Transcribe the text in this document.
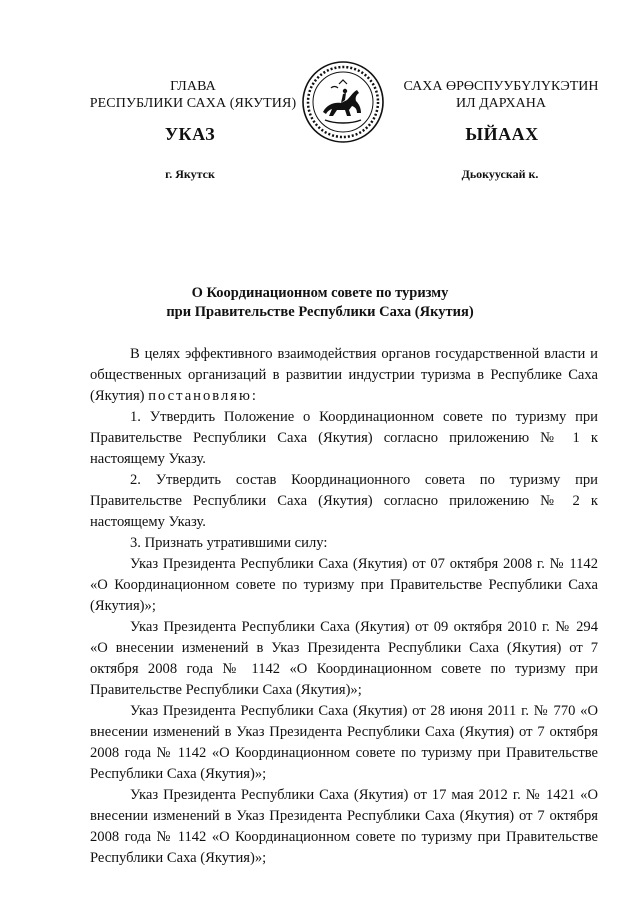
ГЛАВА
РЕСПУБЛИКИ САХА (ЯКУТИЯ)
САХА ӨРӨСПУУБҮЛҮКЭТИН
ИЛ ДАРХАНА
УКАЗ	ЫЙААХ
г. Якутск	Дьокуускай к.
О Координационном совете по туризму
при Правительстве Республики Саха (Якутия)

В целях эффективного взаимодействия органов государственной власти и общественных организаций в развитии индустрии туризма в Республике Саха (Якутия) постановляю:

1. Утвердить Положение о Координационном совете по туризму при Правительстве Республики Саха (Якутия) согласно приложению № 1 к настоящему Указу.

2. Утвердить состав Координационного совета по туризму при Правительстве Республики Саха (Якутия) согласно приложению № 2 к настоящему Указу.

3. Признать утратившими силу:

Указ Президента Республики Саха (Якутия) от 07 октября 2008 г. № 1142 «О Координационном совете по туризму при Правительстве Республики Саха (Якутия)»;

Указ Президента Республики Саха (Якутия) от 09 октября 2010 г. № 294 «О внесении изменений в Указ Президента Республики Саха (Якутия) от 7 октября 2008 года № 1142 «О Координационном совете по туризму при Правительстве Республики Саха (Якутия)»;

Указ Президента Республики Саха (Якутия) от 28 июня 2011 г. № 770 «О внесении изменений в Указ Президента Республики Саха (Якутия) от 7 октября 2008 года № 1142 «О Координационном совете по туризму при Правительстве Республики Саха (Якутия)»;

Указ Президента Республики Саха (Якутия) от 17 мая 2012 г. № 1421 «О внесении изменений в Указ Президента Республики Саха (Якутия) от 7 октября 2008 года № 1142 «О Координационном совете по туризму при Правительстве Республики Саха (Якутия)»;
